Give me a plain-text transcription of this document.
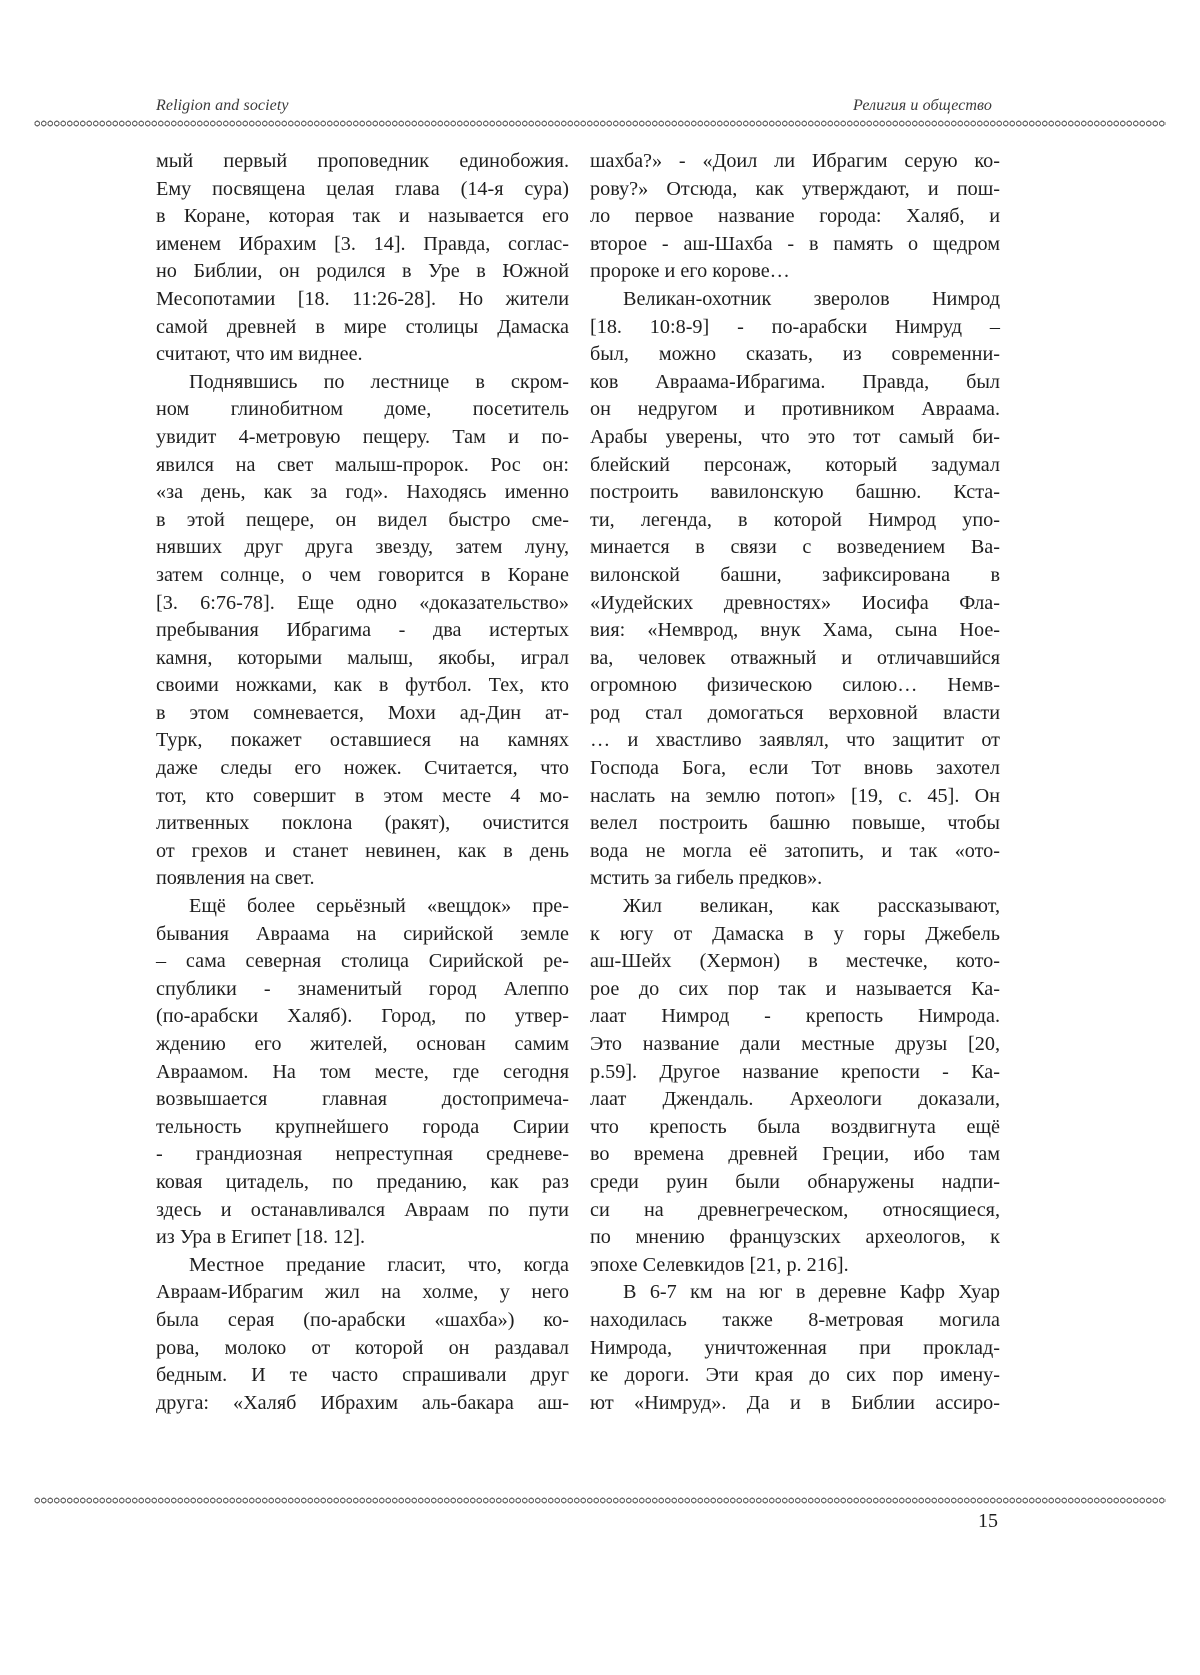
Religion and society	Религия и общество
мый первый проповедник единобожия.
Ему посвящена целая глава (14-я сура)
в Коране, которая так и называется его
именем Ибрахим [3. 14]. Правда, соглас-
но Библии, он родился в Уре в Южной
Месопотамии [18. 11:26-28]. Но жители
самой древней в мире столицы Дамаска
считают, что им виднее.
Поднявшись по лестнице в скром-
ном глинобитном доме, посетитель
увидит 4-метровую пещеру. Там и по-
явился на свет малыш-пророк. Рос он:
«за день, как за год». Находясь именно
в этой пещере, он видел быстро сме-
нявших друг друга звезду, затем луну,
затем солнце, о чем говорится в Коране
[3. 6:76-78]. Еще одно «доказательство»
пребывания Ибрагима - два истертых
камня, которыми малыш, якобы, играл
своими ножками, как в футбол. Тех, кто
в этом сомневается, Мохи ад-Дин ат-
Турк, покажет оставшиеся на камнях
даже следы его ножек. Считается, что
тот, кто совершит в этом месте 4 мо-
литвенных поклона (ракят), очистится
от грехов и станет невинен, как в день
появления на свет.
Ещё более серьёзный «вещдок» пре-
бывания Авраама на сирийской земле
– сама северная столица Сирийской ре-
спублики - знаменитый город Алеппо
(по-арабски Халяб). Город, по утвер-
ждению его жителей, основан самим
Авраамом. На том месте, где сегодня
возвышается главная достопримеча-
тельность крупнейшего города Сирии
- грандиозная непреступная средневе-
ковая цитадель, по преданию, как раз
здесь и останавливался Авраам по пути
из Ура в Египет [18. 12].
Местное предание гласит, что, когда
Авраам-Ибрагим жил на холме, у него
была серая (по-арабски «шахба») ко-
рова, молоко от которой он раздавал
бедным. И те часто спрашивали друг
друга: «Халяб Ибрахим аль-бакара аш-
шахба?» - «Доил ли Ибрагим серую ко-
рову?» Отсюда, как утверждают, и пош-
ло первое название города: Халяб, и
второе - аш-Шахба - в память о щедром
пророке и его корове…
Великан-охотник зверолов Нимрод
[18. 10:8-9] - по-арабски Нимруд –
был, можно сказать, из современни-
ков Авраама-Ибрагима. Правда, был
он недругом и противником Авраама.
Арабы уверены, что это тот самый би-
блейский персонаж, который задумал
построить вавилонскую башню. Кста-
ти, легенда, в которой Нимрод упо-
минается в связи с возведением Ва-
вилонской башни, зафиксирована в
«Иудейских древностях» Иосифа Фла-
вия: «Немврод, внук Хама, сына Ное-
ва, человек отважный и отличавшийся
огромною физическою силою… Немв-
род стал домогаться верховной власти
… и хвастливо заявлял, что защитит от
Господа Бога, если Тот вновь захотел
наслать на землю потоп» [19, с. 45]. Он
велел построить башню повыше, чтобы
вода не могла её затопить, и так «ото-
мстить за гибель предков».
Жил великан, как рассказывают,
к югу от Дамаска в у горы Джебель
аш-Шейх (Хермон) в местечке, кото-
рое до сих пор так и называется Ка-
лаат Нимрод - крепость Нимрода.
Это название дали местные друзы [20,
p.59]. Другое название крепости - Ка-
лаат Джендаль. Археологи доказали,
что крепость была воздвигнута ещё
во времена древней Греции, ибо там
среди руин были обнаружены надпи-
си на древнегреческом, относящиеся,
по мнению французских археологов, к
эпохе Селевкидов [21, p. 216].
В 6-7 км на юг в деревне Кафр Хуар
находилась также 8-метровая могила
Нимрода, уничтоженная при проклад-
ке дороги. Эти края до сих пор имену-
ют «Нимруд». Да и в Библии ассиро-
15
